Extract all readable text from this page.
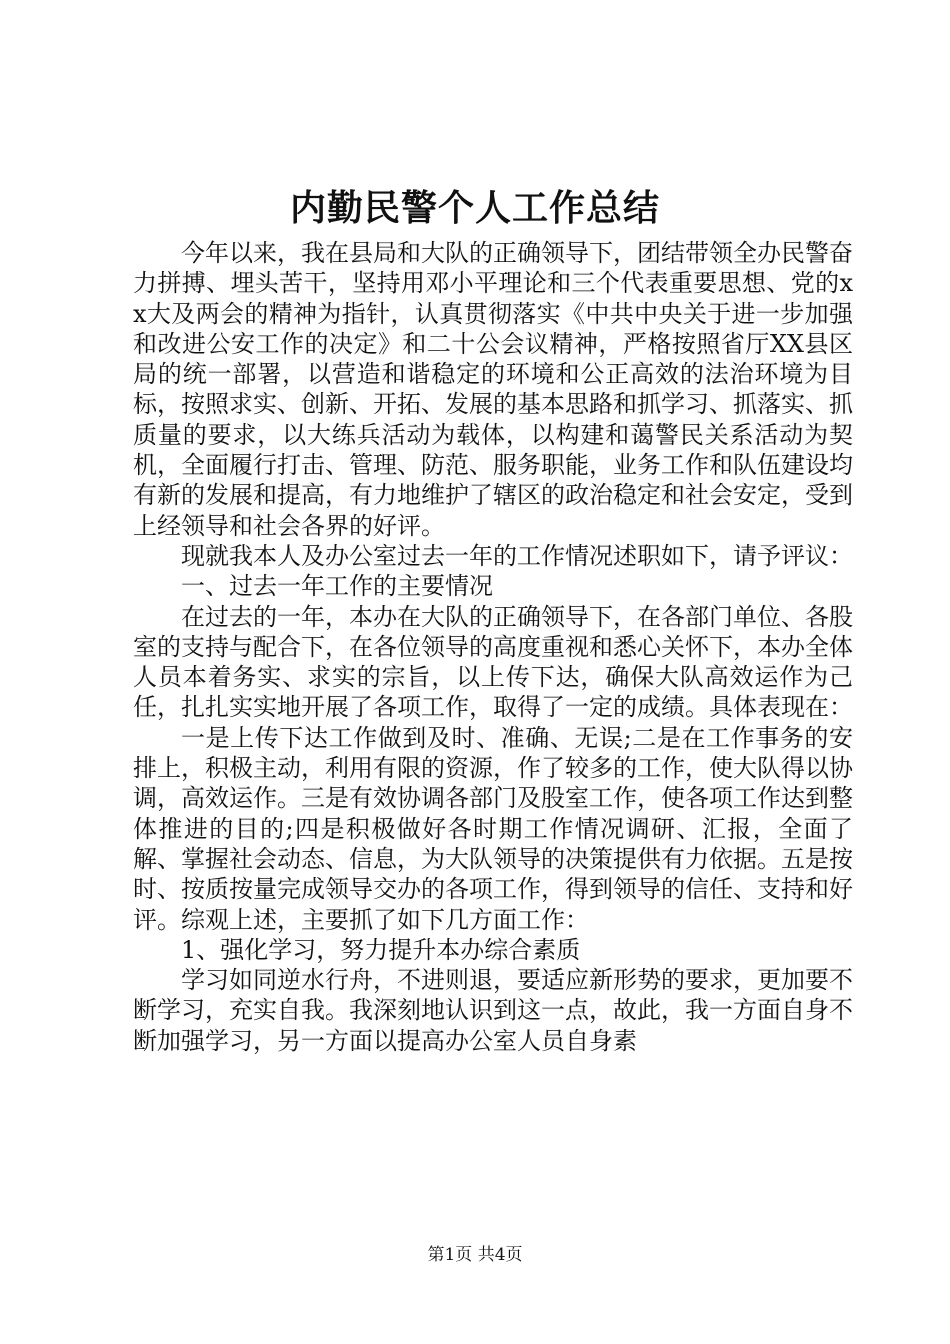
内勤民警个人工作总结

今年以来，我在县局和大队的正确领导下，团结带领全办民警奋力拼搏、埋头苦干，坚持用邓小平理论和三个代表重要思想、党的xx大及两会的精神为指针，认真贯彻落实《中共中央关于进一步加强和改进公安工作的决定》和二十公会议精神，严格按照省厅XX县区局的统一部署，以营造和谐稳定的环境和公正高效的法治环境为目标，按照求实、创新、开拓、发展的基本思路和抓学习、抓落实、抓质量的要求，以大练兵活动为载体，以构建和蔼警民关系活动为契机，全面履行打击、管理、防范、服务职能，业务工作和队伍建设均有新的发展和提高，有力地维护了辖区的政治稳定和社会安定，受到上经领导和社会各界的好评。

现就我本人及办公室过去一年的工作情况述职如下，请予评议：

一、过去一年工作的主要情况

在过去的一年，本办在大队的正确领导下，在各部门单位、各股室的支持与配合下，在各位领导的高度重视和悉心关怀下，本办全体人员本着务实、求实的宗旨，以上传下达，确保大队高效运作为己任，扎扎实实地开展了各项工作，取得了一定的成绩。具体表现在：

一是上传下达工作做到及时、准确、无误;二是在工作事务的安排上，积极主动，利用有限的资源，作了较多的工作，使大队得以协调，高效运作。三是有效协调各部门及股室工作，使各项工作达到整体推进的目的;四是积极做好各时期工作情况调研、汇报，全面了解、掌握社会动态、信息，为大队领导的决策提供有力依据。五是按时、按质按量完成领导交办的各项工作，得到领导的信任、支持和好评。综观上述，主要抓了如下几方面工作：

1、强化学习，努力提升本办综合素质

学习如同逆水行舟，不进则退，要适应新形势的要求，更加要不断学习，充实自我。我深刻地认识到这一点，故此，我一方面自身不断加强学习，另一方面以提高办公室人员自身素

第1页 共4页
